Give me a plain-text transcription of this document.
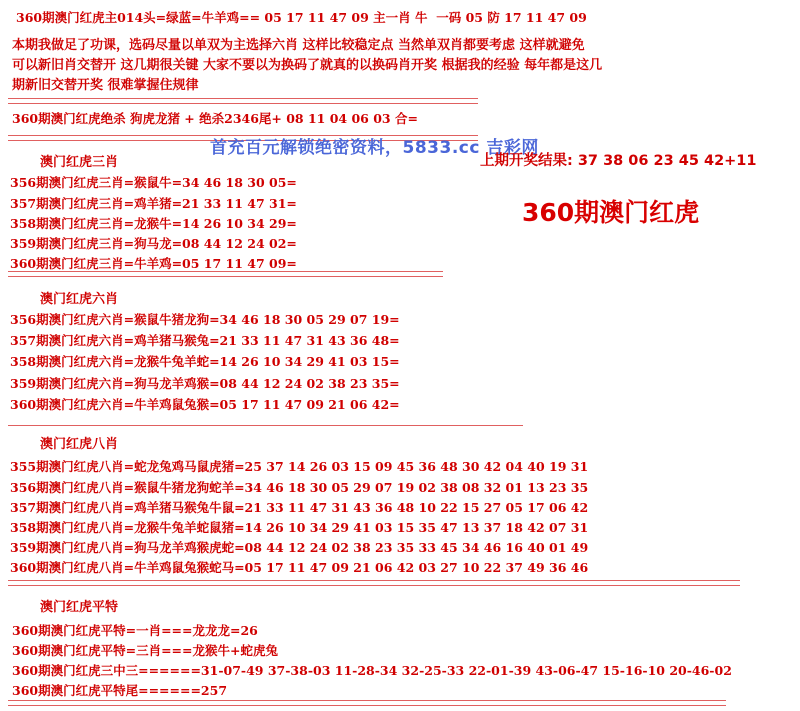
360期澳门红虎主014头=绿蓝=牛羊鸡== 05 17 11 47 09 主一肖 牛  一码 05 防 17 11 47 09
本期我做足了功课，选码尽量以单双为主选择六肖 这样比较稳定点 当然单双肖都要考虑 这样就避免
可以新旧肖交替开 这几期很关键 大家不要以为换码了就真的以换码肖开奖 根据我的经验 每年都是这几
期新旧交替开奖 很难掌握住规律
360期澳门红虎绝杀 狗虎龙猪 + 绝杀2346尾+ 08 11 04 06 03 合=
首充百元解锁绝密资料，5833.cc 吉彩网
上期开奖结果: 37 38 06 23 45 42+11
360期澳门红虎
澳门红虎三肖
356期澳门红虎三肖=猴鼠牛=34 46 18 30 05=
357期澳门红虎三肖=鸡羊猪=21 33 11 47 31=
358期澳门红虎三肖=龙猴牛=14 26 10 34 29=
359期澳门红虎三肖=狗马龙=08 44 12 24 02=
360期澳门红虎三肖=牛羊鸡=05 17 11 47 09=
澳门红虎六肖
356期澳门红虎六肖=猴鼠牛猪龙狗=34 46 18 30 05 29 07 19=
357期澳门红虎六肖=鸡羊猪马猴兔=21 33 11 47 31 43 36 48=
358期澳门红虎六肖=龙猴牛兔羊蛇=14 26 10 34 29 41 03 15=
359期澳门红虎六肖=狗马龙羊鸡猴=08 44 12 24 02 38 23 35=
360期澳门红虎六肖=牛羊鸡鼠兔猴=05 17 11 47 09 21 06 42=
澳门红虎八肖
355期澳门红虎八肖=蛇龙兔鸡马鼠虎猪=25 37 14 26 03 15 09 45 36 48 30 42 04 40 19 31
356期澳门红虎八肖=猴鼠牛猪龙狗蛇羊=34 46 18 30 05 29 07 19 02 38 08 32 01 13 23 35
357期澳门红虎八肖=鸡羊猪马猴兔牛鼠=21 33 11 47 31 43 36 48 10 22 15 27 05 17 06 42
358期澳门红虎八肖=龙猴牛兔羊蛇鼠猪=14 26 10 34 29 41 03 15 35 47 13 37 18 42 07 31
359期澳门红虎八肖=狗马龙羊鸡猴虎蛇=08 44 12 24 02 38 23 35 33 45 34 46 16 40 01 49
360期澳门红虎八肖=牛羊鸡鼠兔猴蛇马=05 17 11 47 09 21 06 42 03 27 10 22 37 49 36 46
澳门红虎平特
360期澳门红虎平特=一肖===龙龙龙=26
360期澳门红虎平特=三肖===龙猴牛+蛇虎兔
360期澳门红虎三中三======31-07-49 37-38-03 11-28-34 32-25-33 22-01-39 43-06-47 15-16-10 20-46-02
360期澳门红虎平特尾======257
